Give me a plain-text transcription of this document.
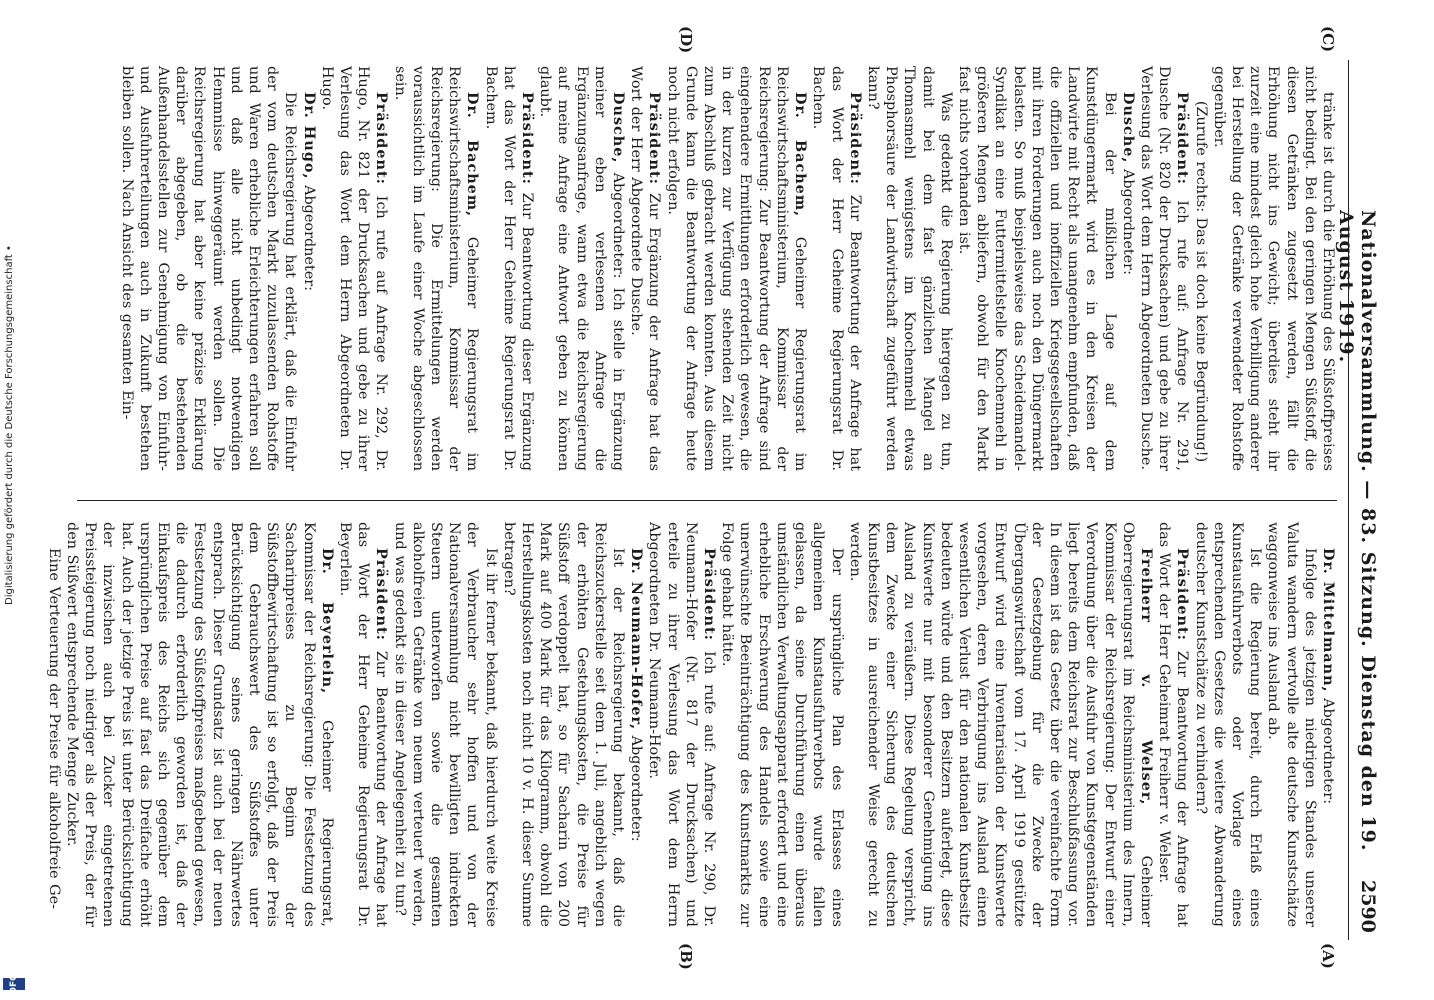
Nationalversammlung. — 83. Sitzung. Dienstag den 19. August 1919.
2590
(A)
(B)
(C)
(D)

Dr. Mittelmann, Abgeordneter:

Infolge des jetzigen niedrigen Standes unserer Valuta wandern wertvolle alte deutsche Kunstschätze waggonweise ins Ausland ab.

Ist die Regierung bereit, durch Erlaß eines Kunstausfuhrverbots oder Vorlage eines entsprechenden Gesetzes die weitere Abwanderung deutscher Kunstschätze zu verhindern?

Präsident: Zur Beantwortung der Anfrage hat das Wort der Herr Geheimrat Freiherr v. Welser.

Freiherr v. Welser, Geheimer Oberregierungsrat im Reichsministerium des Innern, Kommissar der Reichsregierung: Der Entwurf einer Verordnung über die Ausfuhr von Kunstgegenständen liegt bereits dem Reichsrat zur Beschlußfassung vor. In diesem ist das Gesetz über die vereinfachte Form der Gesetzgebung für die Zwecke der Übergangswirtschaft vom 17. April 1919 gestützte Entwurf wird eine Inventarisation der Kunstwerte vorgesehen, deren Verbringung ins Ausland einen wesentlichen Verlust für den nationalen Kunstbesitz bedeuten würde und den Besitzern auferlegt, diese Kunstwerte nur mit besonderer Genehmigung ins Ausland zu veräußern. Diese Regelung verspricht, dem Zwecke einer Sicherung des deutschen Kunstbesitzes in ausreichender Weise gerecht zu werden.

Der ursprüngliche Plan des Erlasses eines allgemeinen Kunstausfuhrverbots wurde fallen gelassen, da seine Durchführung einen überaus umständlichen Verwaltungsapparat erfordert und eine erhebliche Erschwerung des Handels sowie eine unerwünschte Beeinträchtigung des Kunstmarkts zur Folge gehabt hätte.

Präsident: Ich rufe auf: Anfrage Nr. 290, Dr. Neumann-Hofer (Nr. 817 der Drucksachen) und erteile zu ihrer Verlesung das Wort dem Herrn Abgeordneten Dr. Neumann-Hofer.

Dr. Neumann-Hofer, Abgeordneter:

Ist der Reichsregierung bekannt, daß die Reichszuckerstelle seit dem 1. Juli, angeblich wegen der erhöhten Gestehungskosten, die Preise für Süßstoff verdoppelt hat, so für Sacharin von 200 Mark auf 400 Mark für das Kilogramm, obwohl die Herstellungskosten noch nicht 10 v. H. dieser Summe betragen?

Ist ihr ferner bekannt, daß hierdurch weite Kreise der Verbraucher sehr hoffen und von der Nationalversammlung nicht bewilligten indirekten Steuern unterworfen sowie die gesamten alkoholfreien Getränke von neuem verteuert werden, und was gedenkt sie in dieser Angelegenheit zu tun?

Präsident: Zur Beantwortung der Anfrage hat das Wort der Herr Geheime Regierungsrat Dr. Beyerlein.

Dr. Beyerlein, Geheimer Regierungsrat, Kommissar der Reichsregierung: Die Festsetzung des Sacharinpreises zu Beginn der Süßstoffbewirtschaftung ist so erfolgt, daß der Preis dem Gebrauchswert des Süßstoffes unter Berücksichtigung seines geringen Nährwertes entsprach. Dieser Grundsatz ist auch bei der neuen Festsetzung des Süßstoffpreises maßgebend gewesen, die dadurch erforderlich geworden ist, daß der Einkaufspreis des Reichs sich gegenüber dem ursprünglichen Preise auf fast das Dreifache erhöht hat. Auch der jetzige Preis ist unter Berücksichtigung der inzwischen auch bei Zucker eingetretenen Preissteigerung noch niedriger als der Preis, der für den Süßwert entsprechende Menge Zucker.

Eine Verteuerung der Preise für alkoholfreie Ge-

tränke ist durch die Erhöhung des Süßstoffpreises nicht bedingt. Bei den geringen Mengen Süßstoff, die diesen Getränken zugesetzt werden, fällt die Erhöhung nicht ins Gewicht; überdies steht ihr zurzeit eine mindest gleich hohe Verbilligung anderer bei Herstellung der Getränke verwendeter Rohstoffe gegenüber.

(Zurufe rechts: Das ist doch keine Begründung!)

Präsident: Ich rufe auf: Anfrage Nr. 291, Dusche (Nr. 820 der Drucksachen) und gebe zu ihrer Verlesung das Wort dem Herrn Abgeordneten Dusche.

Dusche, Abgeordneter:

Bei der mißlichen Lage auf dem Kunstdüngermarkt wird es in den Kreisen der Landwirte mit Recht als unangenehm empfunden, daß die offiziellen und inoffiziellen Kriegsgesellschaften mit ihren Forderungen auch noch den Düngermarkt belasten. So muß beispielsweise das Scheidemandel-Syndikat an eine Futtermittelstelle Knochenmehl in größeren Mengen abliefern, obwohl für den Markt fast nichts vorhanden ist.

Was gedenkt die Regierung hiergegen zu tun, damit bei dem fast gänzlichen Mangel an Thomasmehl wenigstens im Knochenmehl etwas Phosphorsäure der Landwirtschaft zugeführt werden kann?

Präsident: Zur Beantwortung der Anfrage hat das Wort der Herr Geheime Regierungsrat Dr. Bachem.

Dr. Bachem, Geheimer Regierungsrat im Reichswirtschaftsministerium, Kommissar der Reichsregierung: Zur Beantwortung der Anfrage sind eingehendere Ermittlungen erforderlich gewesen, die in der kurzen zur Verfügung stehenden Zeit nicht zum Abschluß gebracht werden konnten. Aus diesem Grunde kann die Beantwortung der Anfrage heute noch nicht erfolgen.

Präsident: Zur Ergänzung der Anfrage hat das Wort der Herr Abgeordnete Dusche.

Dusche, Abgeordneter: Ich stelle in Ergänzung meiner eben verlesenen Anfrage die Ergänzungsanfrage, wann etwa die Reichsregierung auf meine Anfrage eine Antwort geben zu können glaubt.

Präsident: Zur Beantwortung dieser Ergänzung hat das Wort der Herr Geheime Regierungsrat Dr. Bachem.

Dr. Bachem, Geheimer Regierungsrat im Reichswirtschaftsministerium, Kommissar der Reichsregierung: Die Ermittelungen werden voraussichtlich im Laufe einer Woche abgeschlossen sein.

Präsident: Ich rufe auf Anfrage Nr. 292, Dr. Hugo, Nr. 821 der Drucksachen und gebe zu ihrer Verlesung das Wort dem Herrn Abgeordneten Dr. Hugo.

Dr. Hugo, Abgeordneter:

Die Reichsregierung hat erklärt, daß die Einfuhr der vom deutschen Markt zuzulassenden Rohstoffe und Waren erhebliche Erleichterungen erfahren soll und daß alle nicht unbedingt notwendigen Hemmnisse hinweggeräumt werden sollen. Die Reichsregierung hat aber keine präzise Erklärung darüber abgegeben, ob die bestehenden Außenhandelsstellen zur Genehmigung von Einfuhr- und Ausfuhrerteilungen auch in Zukunft bestehen bleiben sollen. Nach Ansicht des gesamten Ein-

Digitalisierung gefördert durch die Deutsche Forschungsgemeinschaft •
DFG
